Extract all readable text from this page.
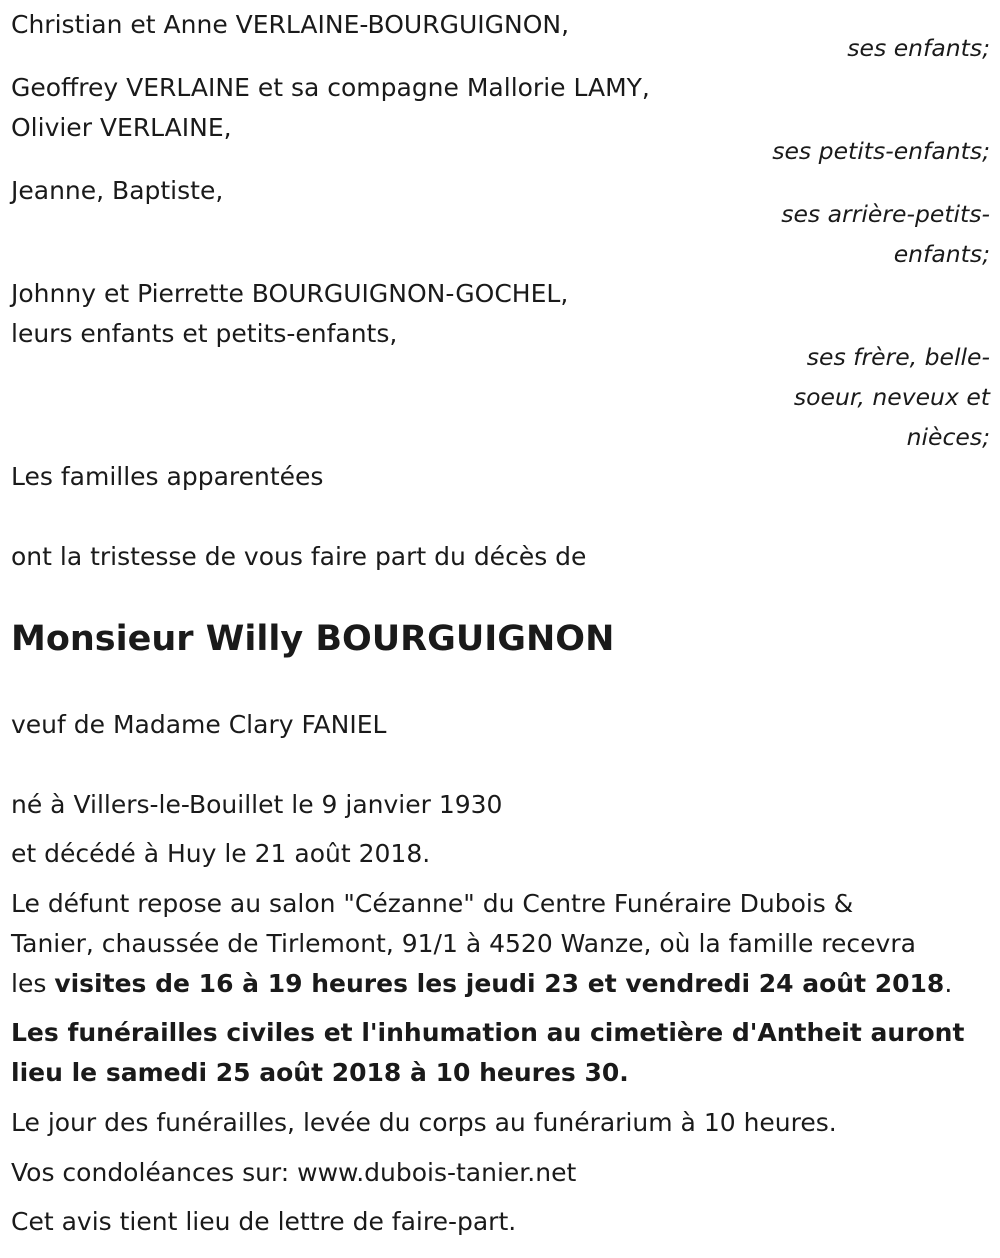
Christian et Anne VERLAINE-BOURGUIGNON,

ses enfants;

Geoffrey VERLAINE et sa compagne Mallorie LAMY,

Olivier VERLAINE,

ses petits-enfants;

Jeanne, Baptiste,

ses arrière-petits-

enfants;

Johnny et Pierrette BOURGUIGNON-GOCHEL,

leurs enfants et petits-enfants,

ses frère, belle-

soeur, neveux et

nièces;

Les familles apparentées

ont la tristesse de vous faire part du décès de

Monsieur Willy BOURGUIGNON

veuf de Madame Clary FANIEL

né à Villers-le-Bouillet le 9 janvier 1930

et décédé à Huy le 21 août 2018.

Le défunt repose au salon "Cézanne" du Centre Funéraire Dubois &

Tanier, chaussée de Tirlemont, 91/1 à 4520 Wanze, où la famille recevra

les visites de 16 à 19 heures les jeudi 23 et vendredi 24 août 2018.

Les funérailles civiles et l'inhumation au cimetière d'Antheit auront

lieu le samedi 25 août 2018 à 10 heures 30.

Le jour des funérailles, levée du corps au funérarium à 10 heures.

Vos condoléances sur: www.dubois-tanier.net

Cet avis tient lieu de lettre de faire-part.
